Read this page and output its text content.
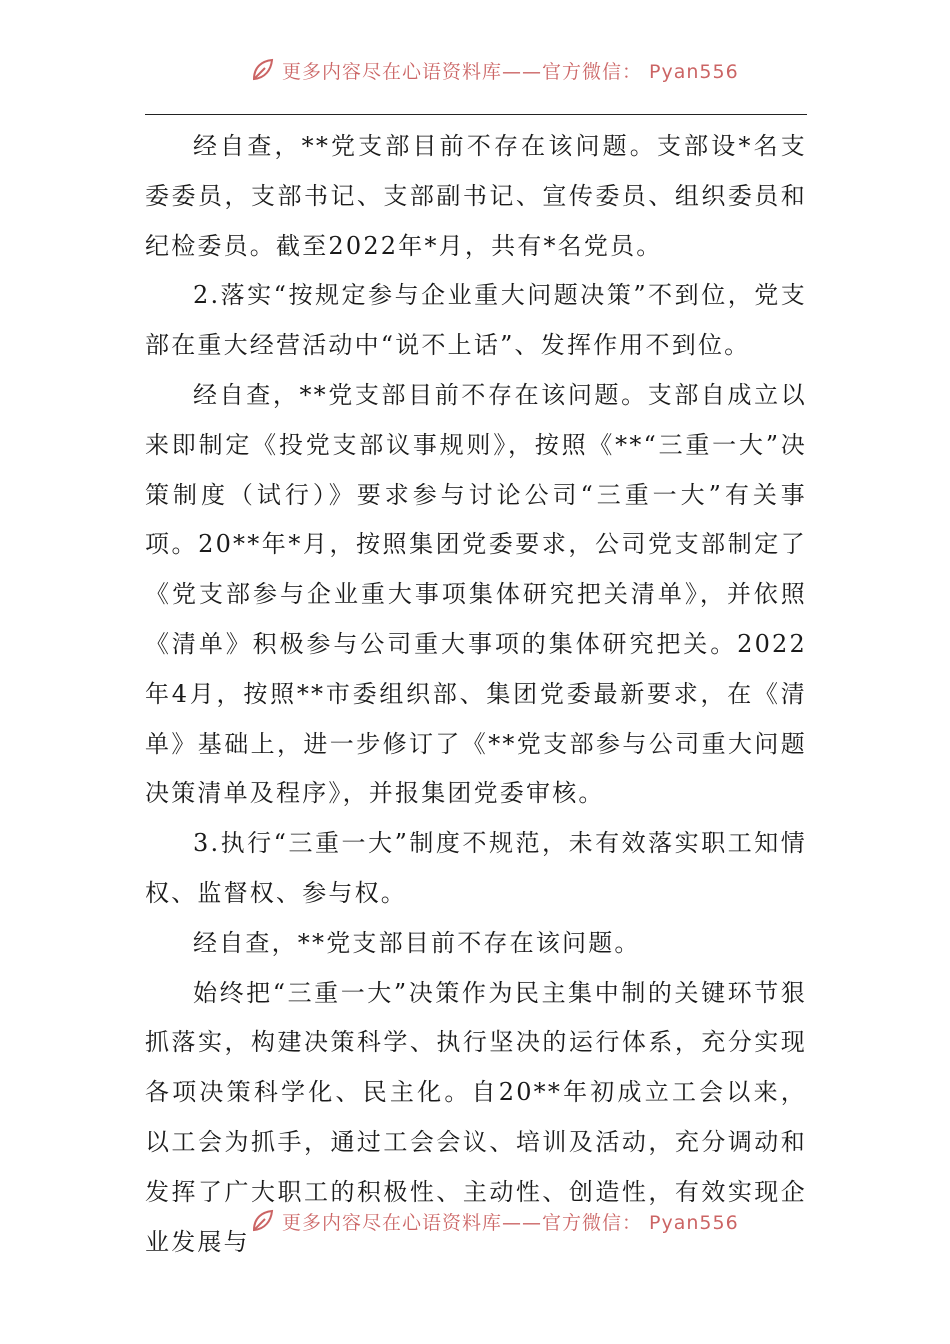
更多内容尽在心语资料库——官方微信： Pyan556

经自查，**党支部目前不存在该问题。支部设*名支委委员，支部书记、支部副书记、宣传委员、组织委员和纪检委员。截至2022年*月，共有*名党员。

2.落实“按规定参与企业重大问题决策”不到位，党支部在重大经营活动中“说不上话”、发挥作用不到位。

经自查，**党支部目前不存在该问题。支部自成立以来即制定《投党支部议事规则》，按照《**“三重一大”决策制度（试行）》要求参与讨论公司“三重一大”有关事项。20**年*月，按照集团党委要求，公司党支部制定了《党支部参与企业重大事项集体研究把关清单》，并依照《清单》积极参与公司重大事项的集体研究把关。2022年4月，按照**市委组织部、集团党委最新要求，在《清单》基础上，进一步修订了《**党支部参与公司重大问题决策清单及程序》，并报集团党委审核。

3.执行“三重一大”制度不规范，未有效落实职工知情权、监督权、参与权。

经自查，**党支部目前不存在该问题。

始终把“三重一大”决策作为民主集中制的关键环节狠抓落实，构建决策科学、执行坚决的运行体系，充分实现各项决策科学化、民主化。自20**年初成立工会以来，以工会为抓手，通过工会会议、培训及活动，充分调动和发挥了广大职工的积极性、主动性、创造性，有效实现企业发展与

更多内容尽在心语资料库——官方微信： Pyan556
